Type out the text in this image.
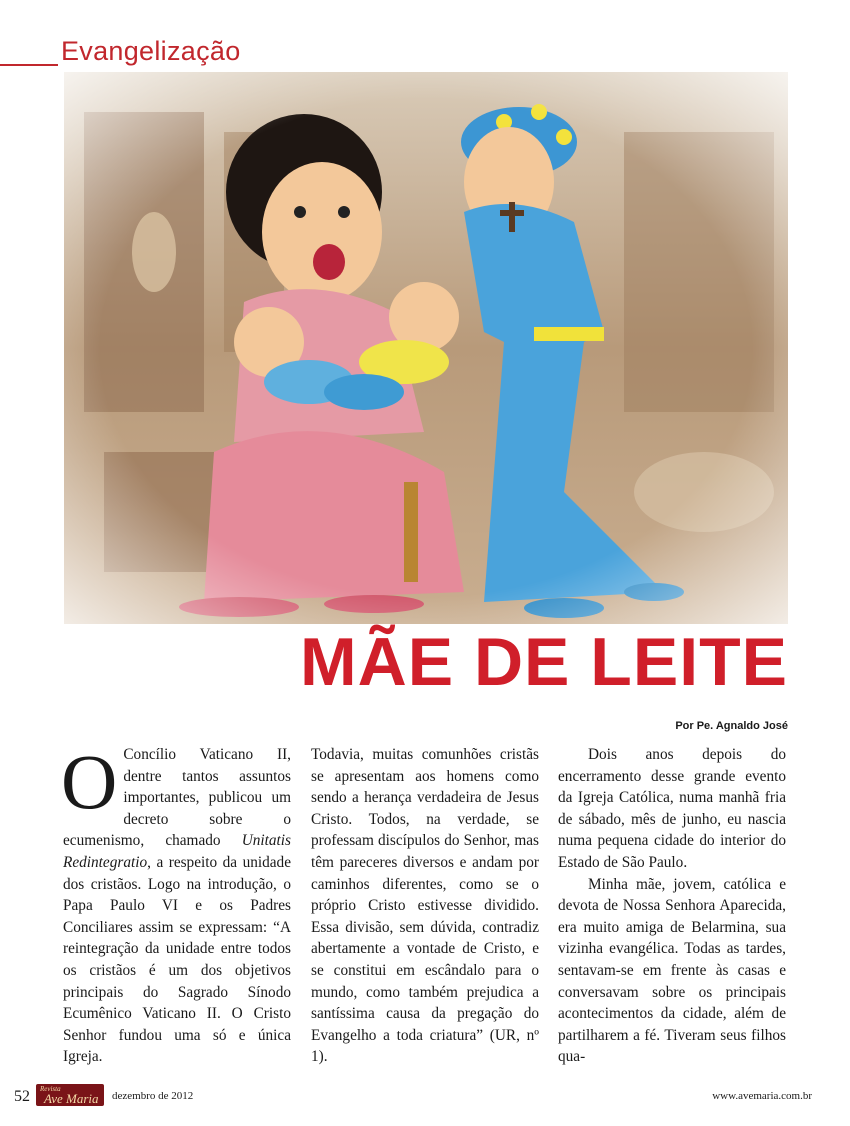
Evangelização
MÃE DE LEITE
Por Pe. Agnaldo José

O Concílio Vaticano II, dentre tantos assuntos importantes, publicou um decreto sobre o ecumenismo, chamado Unitatis Redintegratio, a respeito da unidade dos cristãos. Logo na introdução, o Papa Paulo VI e os Padres Conciliares assim se expressam: “A reintegração da unidade entre todos os cristãos é um dos objetivos principais do Sagrado Sínodo Ecumênico Vaticano II. O Cristo Senhor fundou uma só e única Igreja.

Todavia, muitas comunhões cristãs se apresentam aos homens como sendo a herança verdadeira de Jesus Cristo. Todos, na verdade, se professam discípulos do Senhor, mas têm pareceres diversos e andam por caminhos diferentes, como se o próprio Cristo estivesse dividido. Essa divisão, sem dúvida, contradiz abertamente a vontade de Cristo, e se constitui em escândalo para o mundo, como também prejudica a santíssima causa da pregação do Evangelho a toda criatura” (UR, nº 1).

Dois anos depois do encerramento desse grande evento da Igreja Católica, numa manhã fria de sábado, mês de junho, eu nascia numa pequena cidade do interior do Estado de São Paulo.

Minha mãe, jovem, católica e devota de Nossa Senhora Aparecida, era muito amiga de Belarmina, sua vizinha evangélica. Todas as tardes, sentavam-se em frente às casas e conversavam sobre os principais acontecimentos da cidade, além de partilharem a fé. Tiveram seus filhos qua-

52 Revista
Ave Maria dezembro de 2012	www.avemaria.com.br
